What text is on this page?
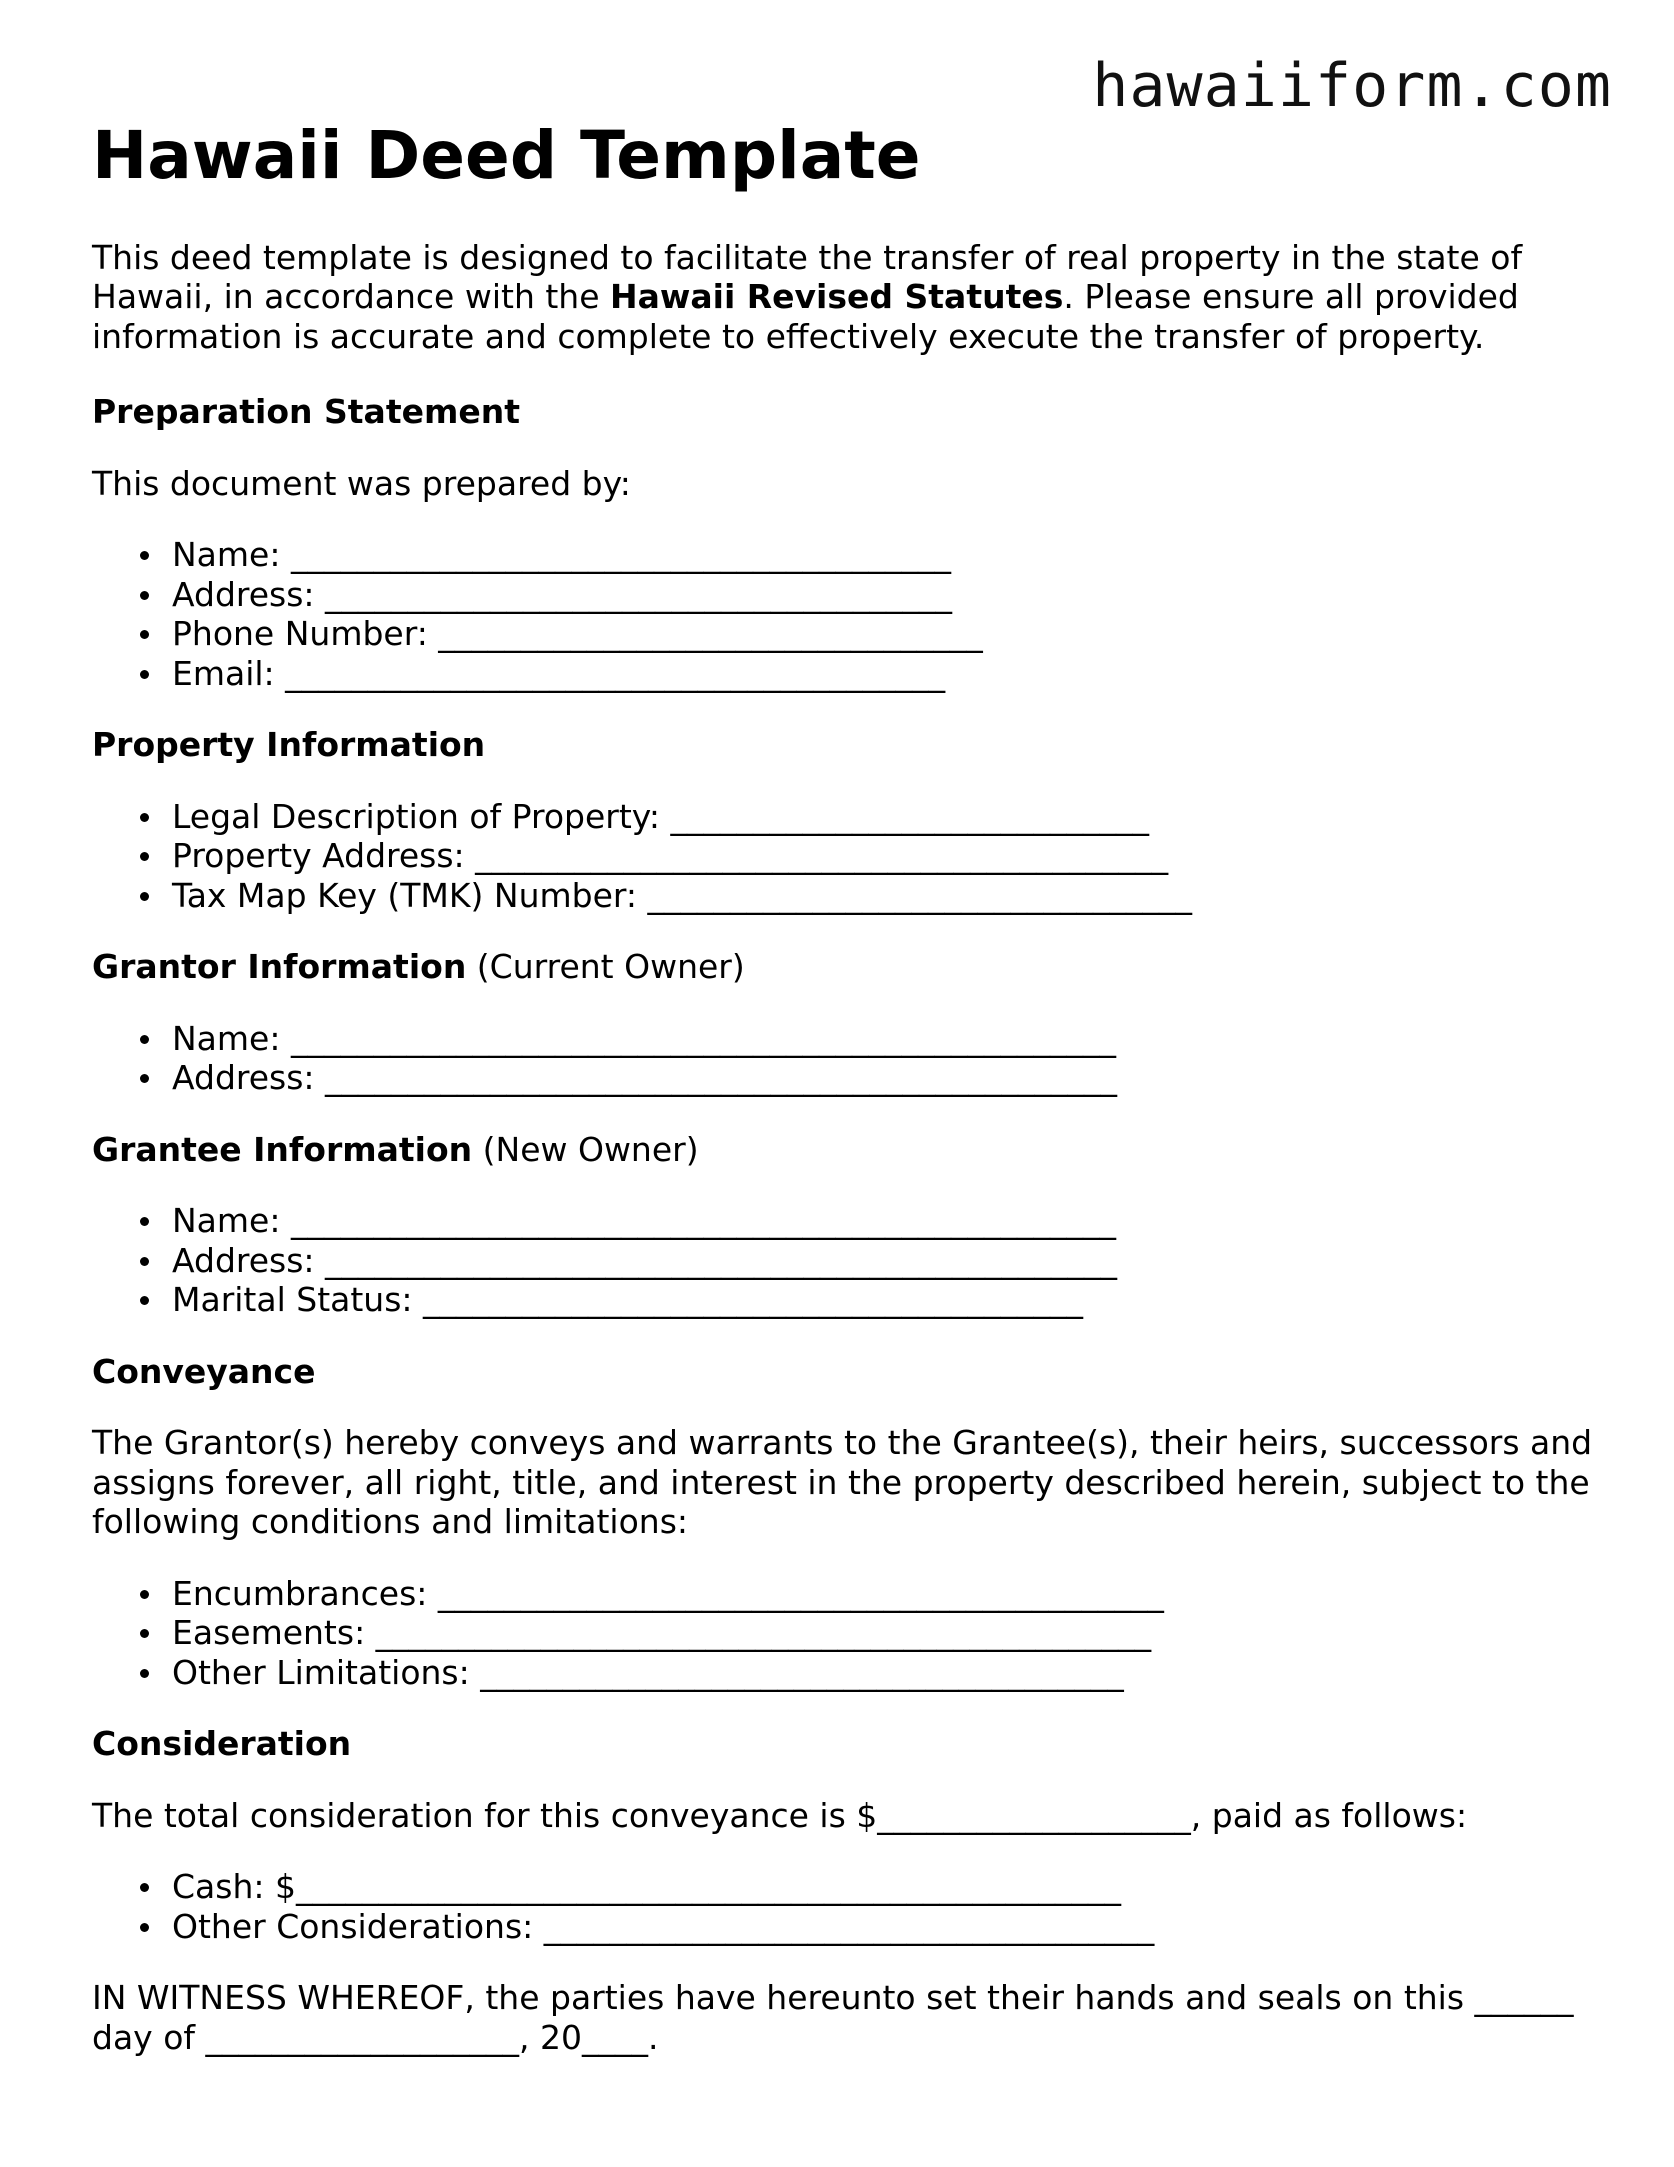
hawaiiform.com
Hawaii Deed Template

This deed template is designed to facilitate the transfer of real property in the state of Hawaii, in accordance with the Hawaii Revised Statutes. Please ensure all provided information is accurate and complete to effectively execute the transfer of property.

Preparation Statement

This document was prepared by:

Name: ________________________________________
Address: ______________________________________
Phone Number: _________________________________
Email: ________________________________________
Property Information
Legal Description of Property: _____________________________
Property Address: __________________________________________
Tax Map Key (TMK) Number: _________________________________
Grantor Information (Current Owner)
Name: __________________________________________________
Address: ________________________________________________
Grantee Information (New Owner)
Name: __________________________________________________
Address: ________________________________________________
Marital Status: ________________________________________
Conveyance

The Grantor(s) hereby conveys and warrants to the Grantee(s), their heirs, successors and assigns forever, all right, title, and interest in the property described herein, subject to the following conditions and limitations:

Encumbrances: ____________________________________________
Easements: _______________________________________________
Other Limitations: _______________________________________
Consideration

The total consideration for this conveyance is $___________________, paid as follows:

Cash: $__________________________________________________
Other Considerations: _____________________________________

IN WITNESS WHEREOF, the parties have hereunto set their hands and seals on this ______ day of ___________________, 20____.
